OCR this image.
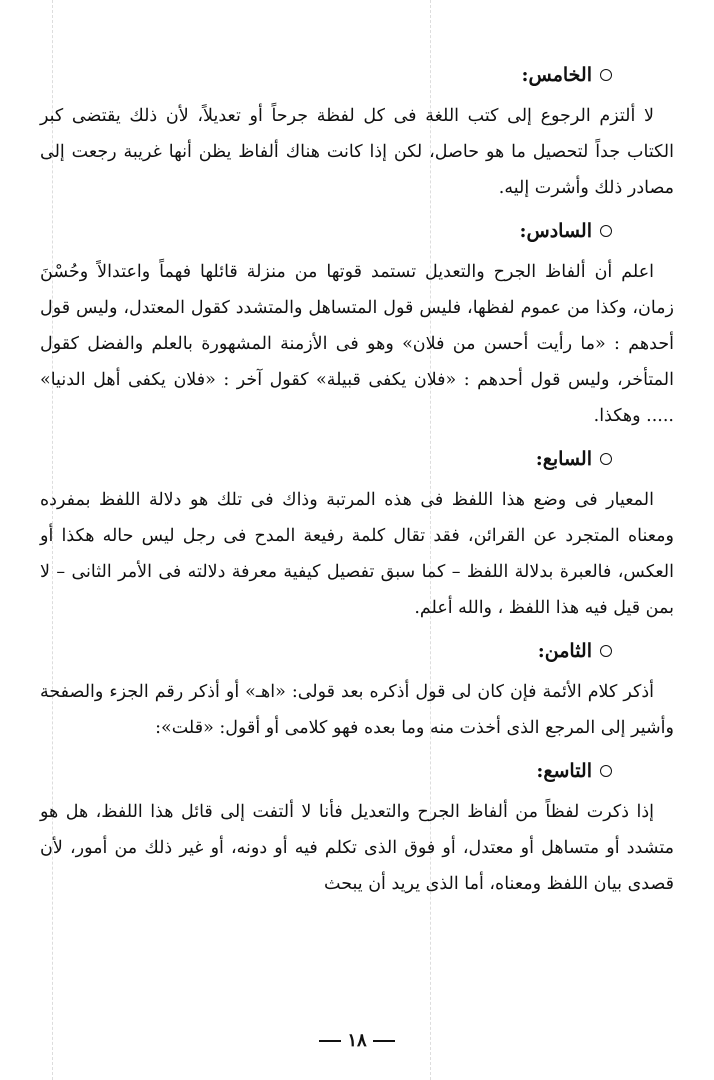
الخامس:

لا ألتزم الرجوع إلى كتب اللغة فى كل لفظة جرحاً أو تعديلاً، لأن ذلك يقتضى كبر الكتاب جداً لتحصيل ما هو حاصل، لكن إذا كانت هناك ألفاظ يظن أنها غريبة رجعت إلى مصادر ذلك وأشرت إليه.

السادس:

اعلم أن ألفاظ الجرح والتعديل تستمد قوتها من منزلة قائلها فهماً واعتدالاً وحُسْنَ زمان، وكذا من عموم لفظها، فليس قول المتساهل والمتشدد كقول المعتدل، وليس قول أحدهم : «ما رأيت أحسن من فلان» وهو فى الأزمنة المشهورة بالعلم والفضل كقول المتأخر، وليس قول أحدهم : «فلان يكفى قبيلة» كقول آخر : «فلان يكفى أهل الدنيا» ..... وهكذا.

السابع:

المعيار فى وضع هذا اللفظ فى هذه المرتبة وذاك فى تلك هو دلالة اللفظ بمفرده ومعناه المتجرد عن القرائن، فقد تقال كلمة رفيعة المدح فى رجل ليس حاله هكذا أو العكس، فالعبرة بدلالة اللفظ – كما سبق تفصيل كيفية معرفة دلالته فى الأمر الثانى – لا بمن قيل فيه هذا اللفظ ، والله أعلم.

الثامن:

أذكر كلام الأئمة فإن كان لى قول أذكره بعد قولى: «اهـ» أو أذكر رقم الجزء والصفحة وأشير إلى المرجع الذى أخذت منه وما بعده فهو كلامى أو أقول: «قلت»:

التاسع:

إذا ذكرت لفظاً من ألفاظ الجرح والتعديل فأنا لا ألتفت إلى قائل هذا اللفظ، هل هو متشدد أو متساهل أو معتدل، أو فوق الذى تكلم فيه أو دونه، أو غير ذلك من أمور، لأن قصدى بيان اللفظ ومعناه، أما الذى يريد أن يبحث

١٨
